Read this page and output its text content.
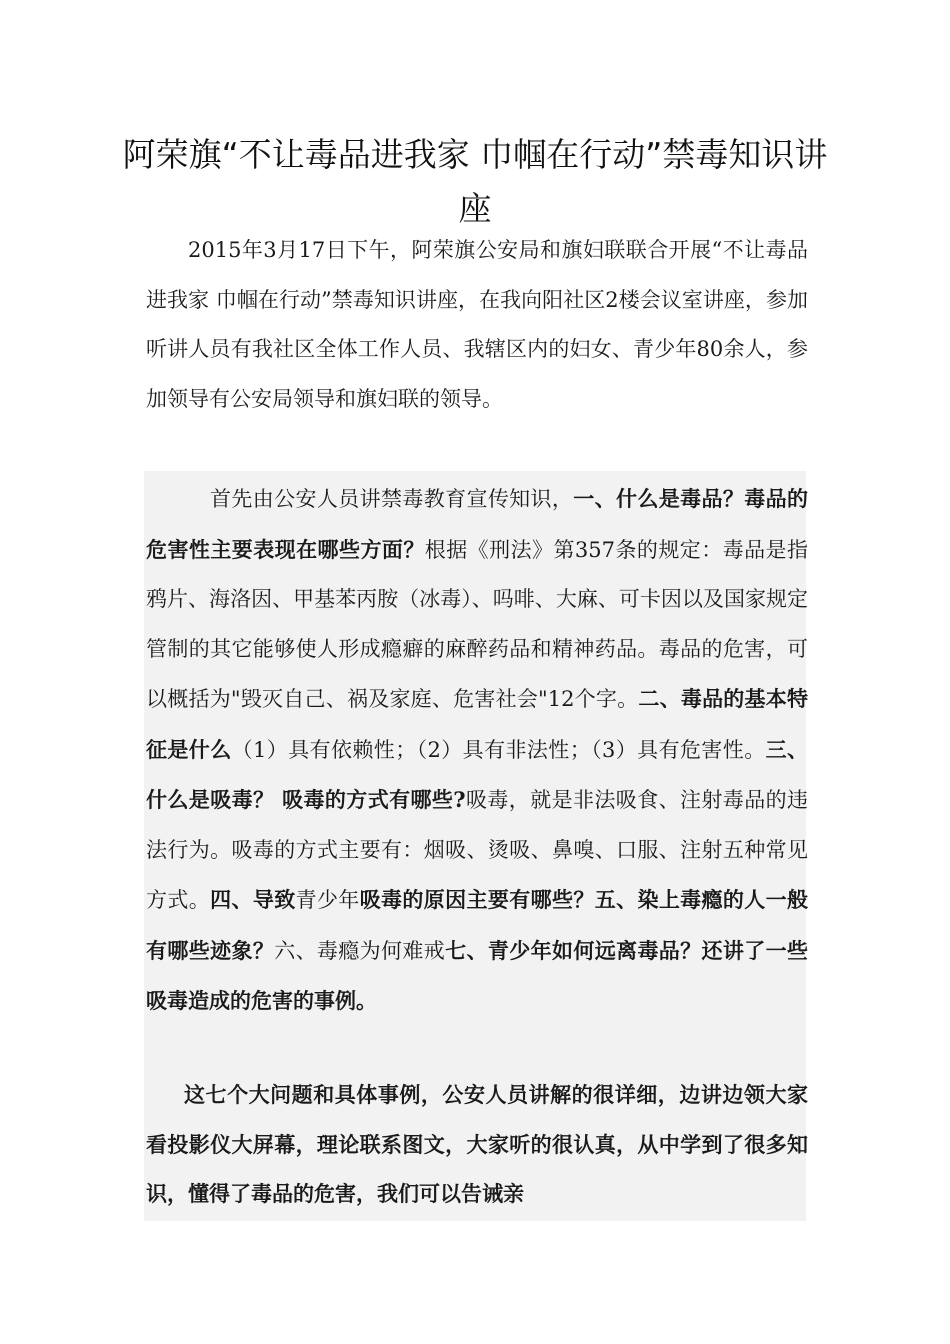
阿荣旗“不让毒品进我家 巾帼在行动”禁毒知识讲座
2015年3月17日下午，阿荣旗公安局和旗妇联联合开展“不让毒品进我家 巾帼在行动”禁毒知识讲座，在我向阳社区2楼会议室讲座，参加听讲人员有我社区全体工作人员、我辖区内的妇女、青少年80余人，参加领导有公安局领导和旗妇联的领导。
首先由公安人员讲禁毒教育宣传知识，一、什么是毒品？毒品的危害性主要表现在哪些方面？根据《刑法》第357条的规定：毒品是指鸦片、海洛因、甲基苯丙胺（冰毒）、吗啡、大麻、可卡因以及国家规定管制的其它能够使人形成瘾癖的麻醉药品和精神药品。毒品的危害，可以概括为"毁灭自己、祸及家庭、危害社会"12个字。二、毒品的基本特征是什么（1）具有依赖性；（2）具有非法性；（3）具有危害性。三、什么是吸毒？ 吸毒的方式有哪些?吸毒，就是非法吸食、注射毒品的违法行为。吸毒的方式主要有：烟吸、烫吸、鼻嗅、口服、注射五种常见方式。四、导致青少年吸毒的原因主要有哪些？五、染上毒瘾的人一般有哪些迹象？六、毒瘾为何难戒七、青少年如何远离毒品？还讲了一些吸毒造成的危害的事例。
这七个大问题和具体事例，公安人员讲解的很详细，边讲边领大家看投影仪大屏幕，理论联系图文，大家听的很认真，从中学到了很多知识，懂得了毒品的危害，我们可以告诫亲
